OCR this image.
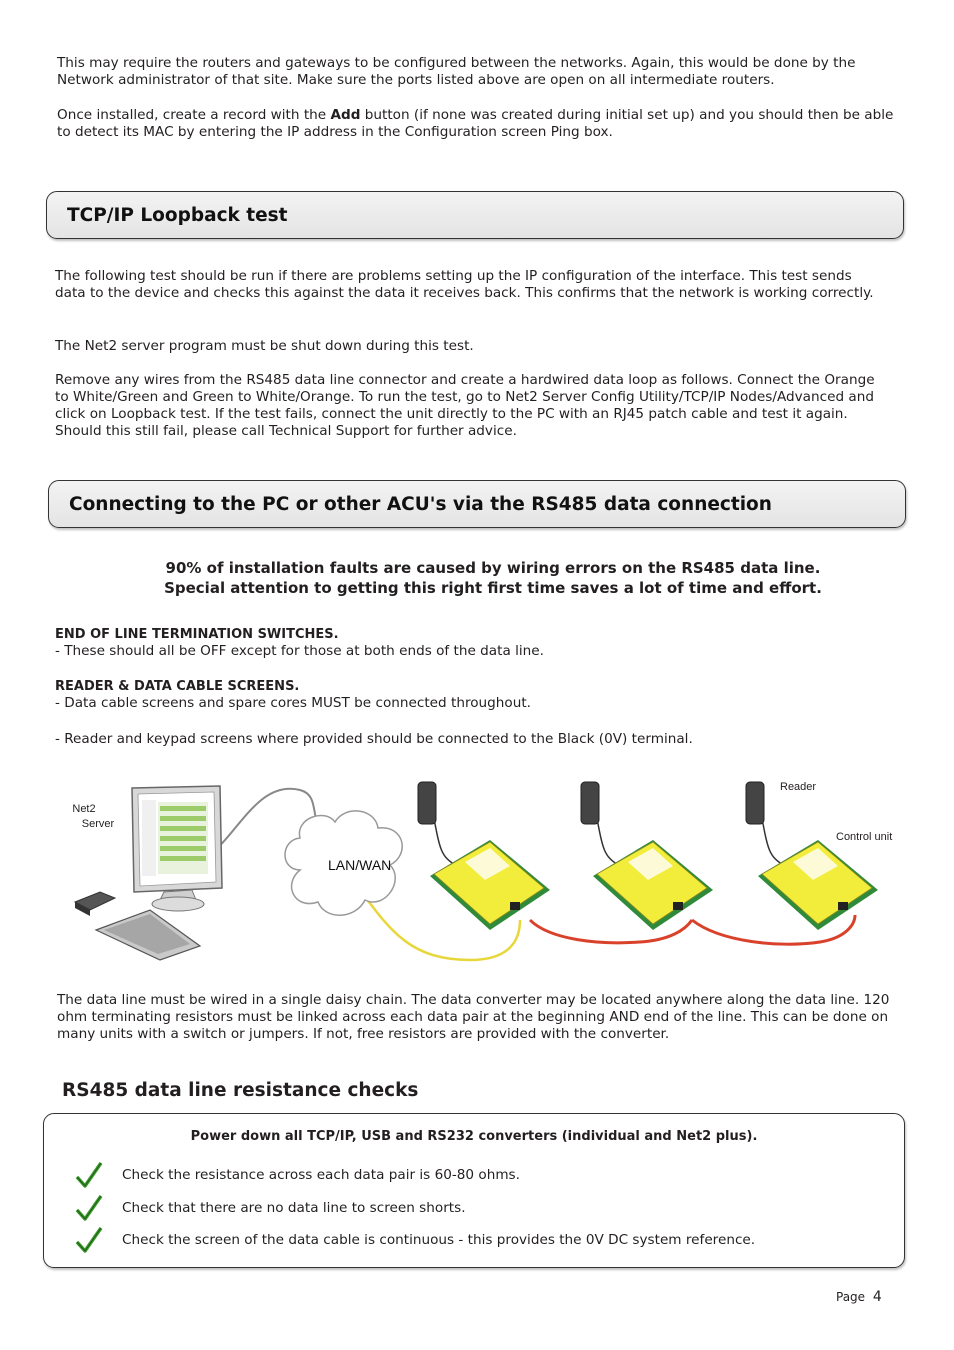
This may require the routers and gateways to be configured between the networks. Again, this would be done by the Network administrator of that site. Make sure the ports listed above are open on all intermediate routers.

Once installed, create a record with the Add button (if none was created during initial set up) and you should then be able to detect its MAC by entering the IP address in the Configuration screen Ping box.

TCP/IP Loopback test

The following test should be run if there are problems setting up the IP configuration of the interface. This test sends data to the device and checks this against the data it receives back. This confirms that the network is working correctly.

The Net2 server program must be shut down during this test.

Remove any wires from the RS485 data line connector and create a hardwired data loop as follows. Connect the Orange to White/Green and Green to White/Orange. To run the test, go to Net2 Server Config Utility/TCP/IP Nodes/Advanced and click on Loopback test. If the test fails, connect the unit directly to the PC with an RJ45 patch cable and test it again. Should this still fail, please call Technical Support for further advice.

Connecting to the PC or other ACU's via the RS485 data connection

90% of installation faults are caused by wiring errors on the RS485 data line.

Special attention to getting this right first time saves a lot of time and effort.

END OF LINE TERMINATION SWITCHES.

- These should all be OFF except for those at both ends of the data line.

READER & DATA CABLE SCREENS.

- Data cable screens and spare cores MUST be connected throughout.

- Reader and keypad screens where provided should be connected to the Black (0V) terminal.

Net2
Server
LAN/WAN
Reader
Control unit

The data line must be wired in a single daisy chain. The data converter may be located anywhere along the data line. 120 ohm terminating resistors must be linked across each data pair at the beginning AND end of the line. This can be done on many units with a switch or jumpers. If not, free resistors are provided with the converter.

RS485 data line resistance checks

Power down all TCP/IP, USB and RS232 converters (individual and Net2 plus).

Check the resistance across each data pair is 60-80 ohms.
Check that there are no data line to screen shorts.
Check the screen of the data cable is continuous - this provides the 0V DC system reference.
Page 4
